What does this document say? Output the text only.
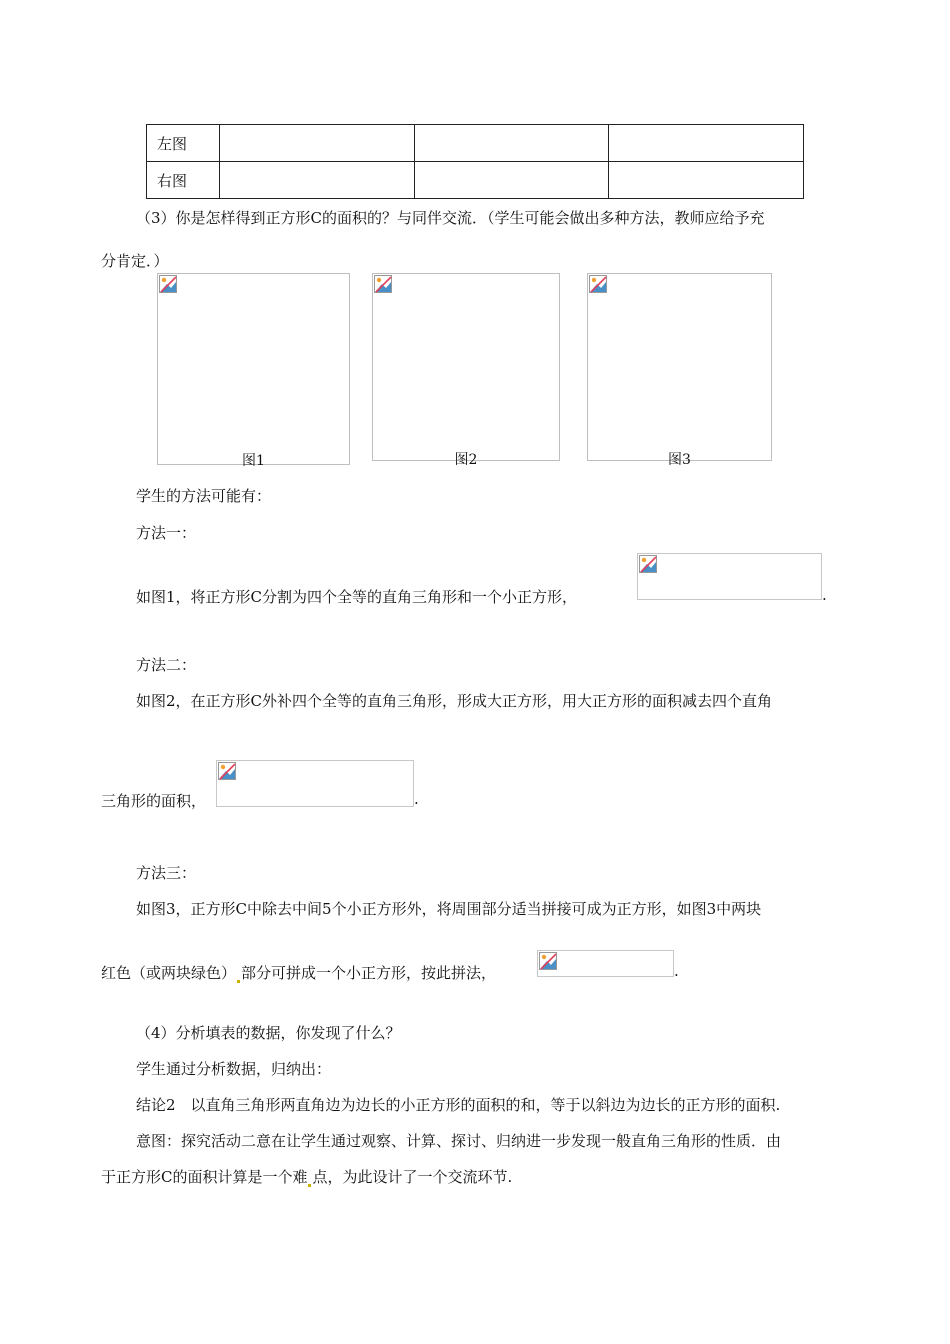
左图			
右图			
（3）你是怎样得到正方形C的面积的？与同伴交流．（学生可能会做出多种方法，教师应给予充
分肯定．）
图1	图2	图3
学生的方法可能有：
方法一：
如图1，将正方形C分割为四个全等的直角三角形和一个小正方形，	.
方法二：
如图2，在正方形C外补四个全等的直角三角形，形成大正方形，用大正方形的面积减去四个直角
三角形的面积，	.
方法三：
如图3，正方形C中除去中间5个小正方形外，将周围部分适当拼接可成为正方形，如图3中两块
红色（或两块绿色） 部分可拼成一个小正方形，按此拼法，	.
（4）分析填表的数据，你发现了什么？
学生通过分析数据，归纳出：
结论2　以直角三角形两直角边为边长的小正方形的面积的和，等于以斜边为边长的正方形的面积.
意图：探究活动二意在让学生通过观察、计算、探讨、归纳进一步发现一般直角三角形的性质．由
于正方形C的面积计算是一个难 点，为此设计了一个交流环节.
